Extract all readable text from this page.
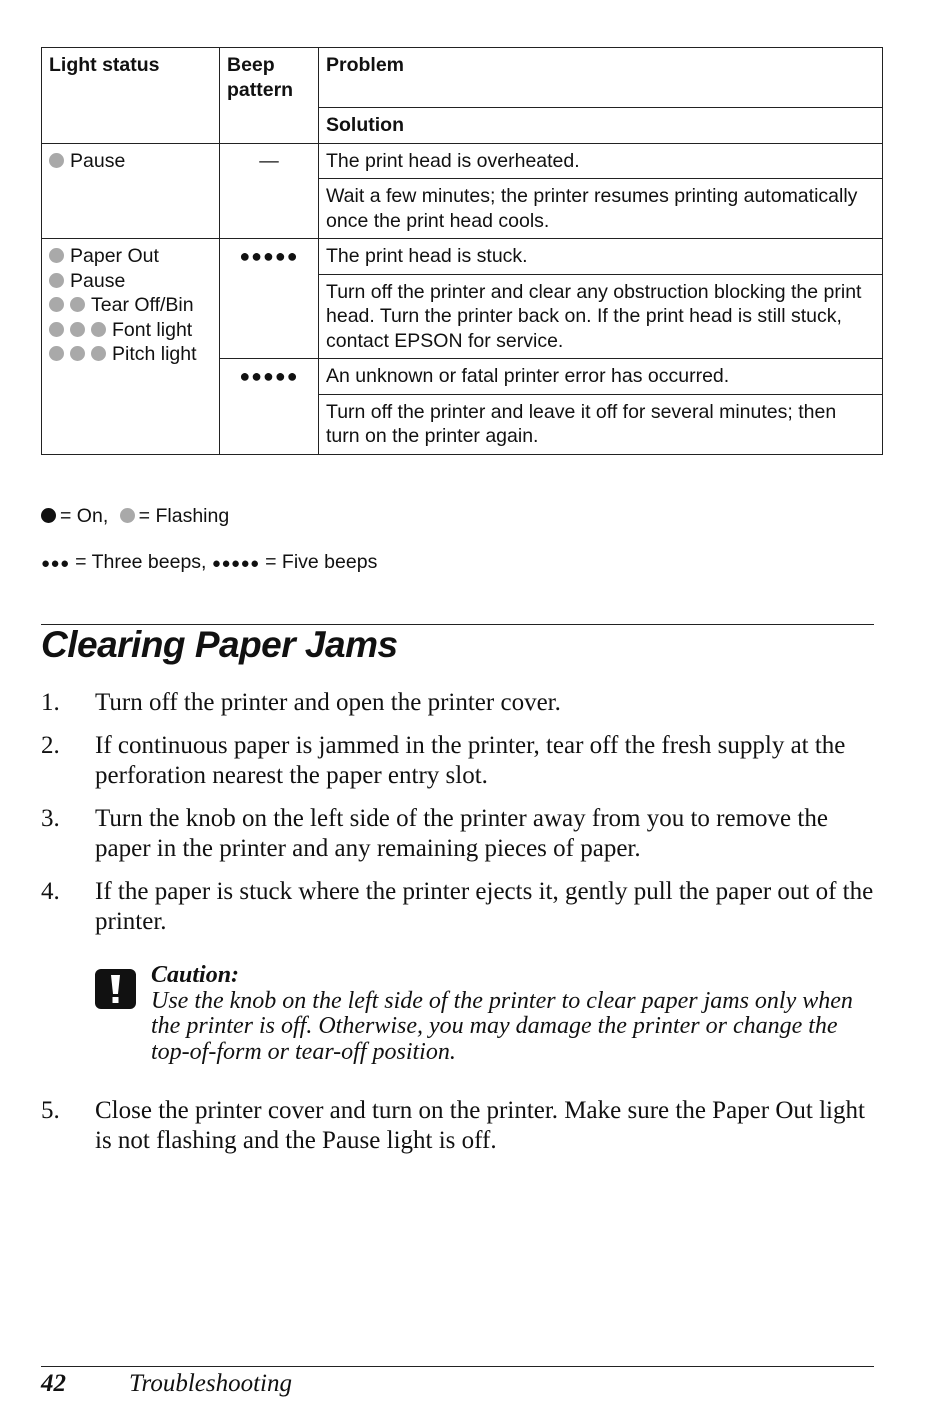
Light status	Beep pattern	Problem
		Solution

Pause	—	The print head is overheated.
		Wait a few minutes; the printer resumes printing automatically once the print head cools.

Paper Out
Pause
Tear Off/Bin
Font light
Pitch light	●●●●●	The print head is stuck.
		Turn off the printer and clear any obstruction blocking the print head. Turn the printer back on. If the print head is still stuck, contact EPSON for service.
	●●●●●	An unknown or fatal printer error has occurred.
		Turn off the printer and leave it off for several minutes; then turn on the printer again.
= On, = Flashing
●●● = Three beeps, ●●●●● = Five beeps
Clearing Paper Jams
1.	Turn off the printer and open the printer cover.
2.	If continuous paper is jammed in the printer, tear off the fresh supply at the perforation nearest the paper entry slot.
3.	Turn the knob on the left side of the printer away from you to remove the paper in the printer and any remaining pieces of paper.
4.	If the paper is stuck where the printer ejects it, gently pull the paper out of the printer.
Caution:
Use the knob on the left side of the printer to clear paper jams only when the printer is off. Otherwise, you may damage the printer or change the top-of-form or tear-off position.
5.	Close the printer cover and turn on the printer. Make sure the Paper Out light is not flashing and the Pause light is off.
42	Troubleshooting
